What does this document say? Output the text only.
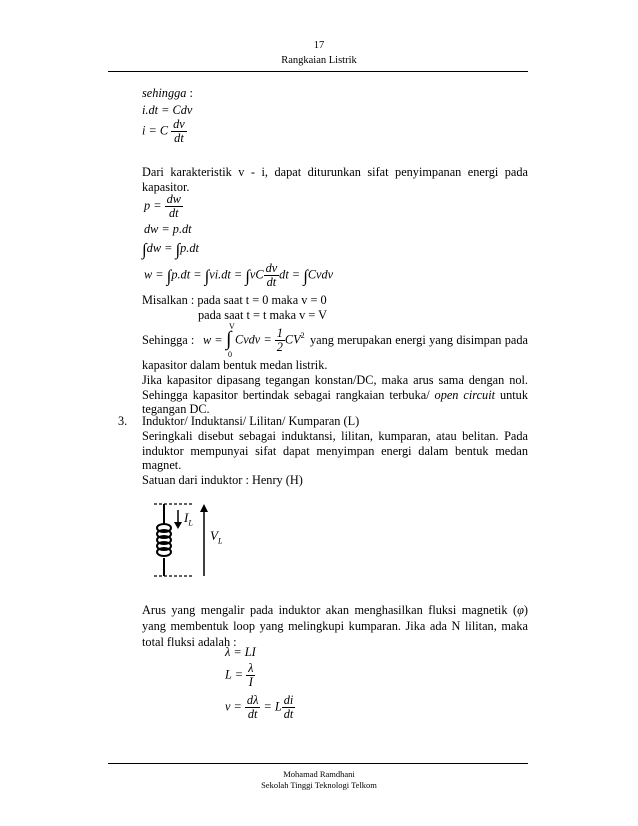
17
Rangkaian Listrik
sehingga :
i.dt = Cdv
i = C $\frac{dv}{dt}$
Dari karakteristik v - i, dapat diturunkan sifat penyimpanan energi pada kapasitor.
$p = \frac{dw}{dt}$
dw = p.dt
∫dw = ∫p.dt
$w = \int p.dt = \int vi.dt = \int vC \frac{dv}{dt}$ dt = ∫Cvdv
Misalkan : pada saat t = 0 maka v = 0
pada saat t = t maka v = V
Sehingga : w =
V
∫
0
Cvdv = $\frac{1}{2} CV^2$ yang merupakan energi yang disimpan pada
kapasitor dalam bentuk medan listrik.
Jika kapasitor dipasang tegangan konstan/DC, maka arus sama dengan nol. Sehingga kapasitor bertindak sebagai rangkaian terbuka/ open circuit untuk tegangan DC.
3. Induktor/ Induktansi/ Lilitan/ Kumparan (L)
Seringkali disebut sebagai induktansi, lilitan, kumparan, atau belitan. Pada induktor mempunyai sifat dapat menyimpan energi dalam bentuk medan magnet.
Satuan dari induktor : Henry (H)
$I_L$
$V_L$
Arus yang mengalir pada induktor akan menghasilkan fluksi magnetik (φ) yang membentuk loop yang melingkupi kumparan. Jika ada N lilitan, maka total fluksi adalah :
λ = LI
$L = \frac{\lambda}{I}$
$v = \frac{d\lambda}{dt} = L \frac{di}{dt}$
Mohamad Ramdhani
Sekolah Tinggi Teknologi Telkom
